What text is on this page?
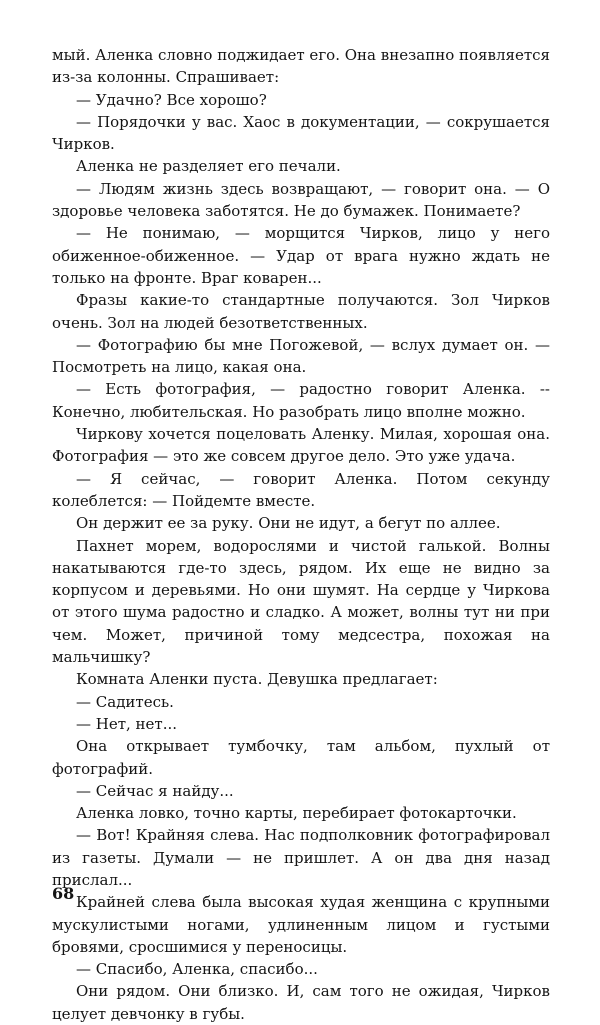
мый. Аленка словно поджидает его. Она внезапно появляется из-за колонны. Спрашивает:

— Удачно? Все хорошо?

— Порядочки у вас. Хаос в документации, — сокрушается Чирков.

Аленка не разделяет его печали.

— Людям жизнь здесь возвращают, — говорит она. — О здоровье человека заботятся. Не до бумажек. Понимаете?

— Не понимаю, — морщится Чирков, лицо у него обиженное-обиженное. — Удар от врага нужно ждать не только на фронте. Враг коварен...

Фразы какие-то стандартные получаются. Зол Чирков очень. Зол на людей безответственных.

— Фотографию бы мне Погожевой, — вслух думает он. — Посмотреть на лицо, какая она.

— Есть фотография, — радостно говорит Аленка. -- Конечно, любительская. Но разобрать лицо вполне можно.

Чиркову хочется поцеловать Аленку. Милая, хорошая она. Фотография — это же совсем другое дело. Это уже удача.

— Я сейчас, — говорит Аленка. Потом секунду колеблется: — Пойдемте вместе.

Он держит ее за руку. Они не идут, а бегут по аллее.

Пахнет морем, водорослями и чистой галькой. Волны накатываются где-то здесь, рядом. Их еще не видно за корпусом и деревьями. Но они шумят. На сердце у Чиркова от этого шума радостно и сладко. А может, волны тут ни при чем. Может, причиной тому медсестра, похожая на мальчишку?

Комната Аленки пуста. Девушка предлагает:

— Садитесь.

— Нет, нет...

Она открывает тумбочку, там альбом, пухлый от фотографий.

— Сейчас я найду...

Аленка ловко, точно карты, перебирает фотокарточки.

— Вот! Крайняя слева. Нас подполковник фотографировал из газеты. Думали — не пришлет. А он два дня назад прислал...

Крайней слева была высокая худая женщина с крупными мускулистыми ногами, удлиненным лицом и густыми бровями, сросшимися у переносицы.

— Спасибо, Аленка, спасибо...

Они рядом. Они близко. И, сам того не ожидая, Чирков целует девчонку в губы.

68
